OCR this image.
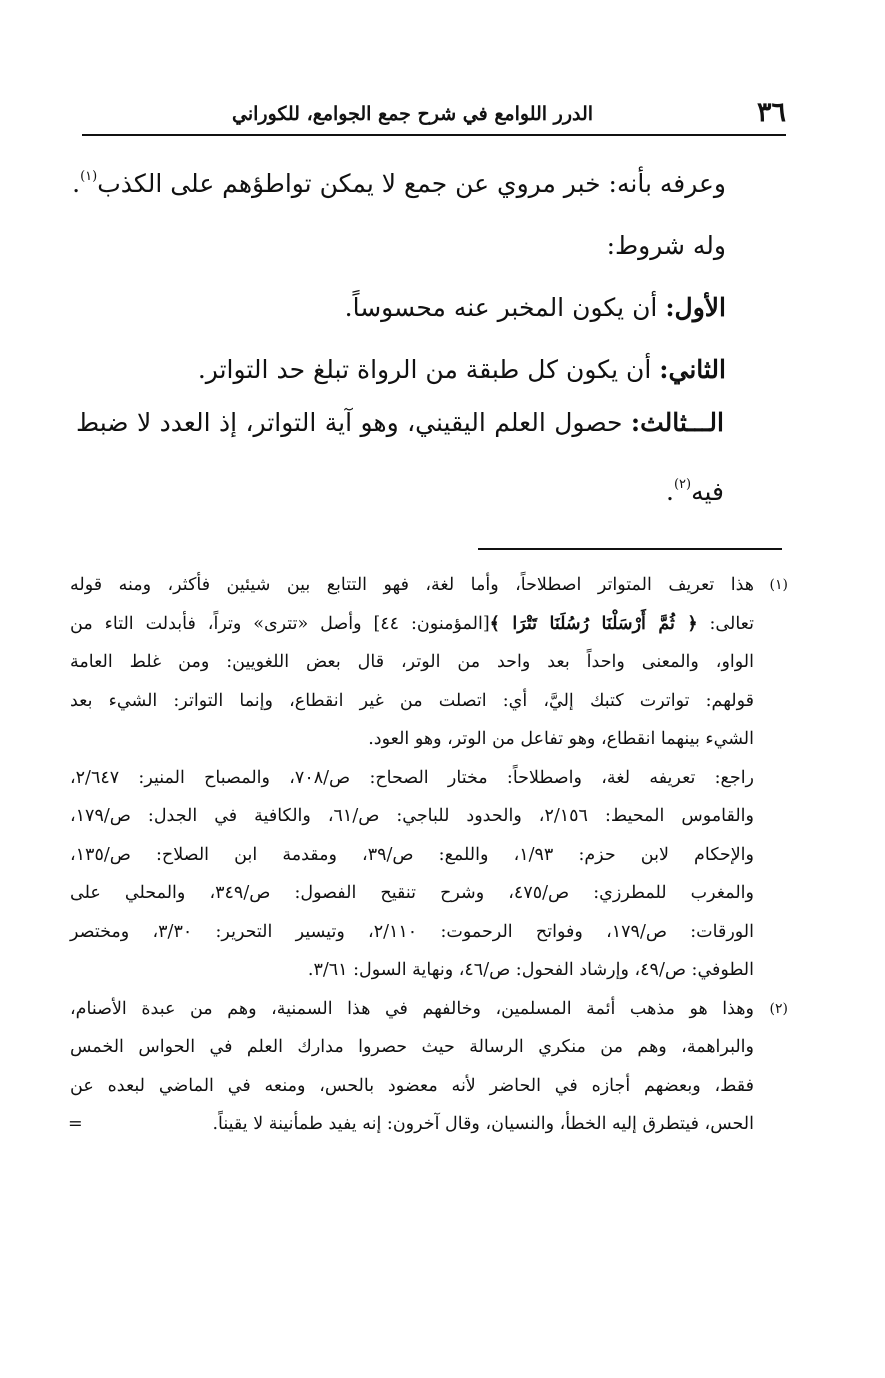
٣٦
الدرر اللوامع في شرح جمع الجوامع، للكوراني

وعرفه بأنه: خبر مروي عن جمع لا يمكن تواطؤهم على الكذب$^{(١)}$.

وله شروط:

الأول: أن يكون المخبر عنه محسوساً.

الثاني: أن يكون كل طبقة من الرواة تبلغ حد التواتر.

الـــثالث: حصول العلم اليقيني، وهو آية التواتر، إذ العدد لا ضبط
فيه$^{(٢)}$.
(١)
هذا تعريف المتواتر اصطلاحاً، وأما لغة، فهو التتابع بين شيئين فأكثر، ومنه قوله
تعالى: ﴿ ثُمَّ أَرْسَلْنَا رُسُلَنَا تَتْرَا ﴾[المؤمنون: ٤٤] وأصل «تترى» وتراً، فأبدلت التاء من
الواو، والمعنى واحداً بعد واحد من الوتر، قال بعض اللغويين: ومن غلط العامة
قولهم: تواترت كتبك إليَّ، أي: اتصلت من غير انقطاع، وإنما التواتر: الشيء بعد
الشيء بينهما انقطاع، وهو تفاعل من الوتر، وهو العود.
راجع: تعريفه لغة، واصطلاحاً: مختار الصحاح: ص/٧٠٨، والمصباح المنير: ٢/٦٤٧،
والقاموس المحيط: ٢/١٥٦، والحدود للباجي: ص/٦١، والكافية في الجدل: ص/١٧٩،
والإحكام لابن حزم: ١/٩٣، واللمع: ص/٣٩، ومقدمة ابن الصلاح: ص/١٣٥،
والمغرب للمطرزي: ص/٤٧٥، وشرح تنقيح الفصول: ص/٣٤٩، والمحلي على
الورقات: ص/١٧٩، وفواتح الرحموت: ٢/١١٠، وتيسير التحرير: ٣/٣٠، ومختصر
الطوفي: ص/٤٩، وإرشاد الفحول: ص/٤٦، ونهاية السول: ٣/٦١.
(٢)
وهذا هو مذهب أئمة المسلمين، وخالفهم في هذا السمنية، وهم من عبدة الأصنام،
والبراهمة، وهم من منكري الرسالة حيث حصروا مدارك العلم في الحواس الخمس
فقط، وبعضهم أجازه في الحاضر لأنه معضود بالحس، ومنعه في الماضي لبعده عن
الحس، فيتطرق إليه الخطأ، والنسيان، وقال آخرون: إنه يفيد طمأنينة لا يقيناً.
=
